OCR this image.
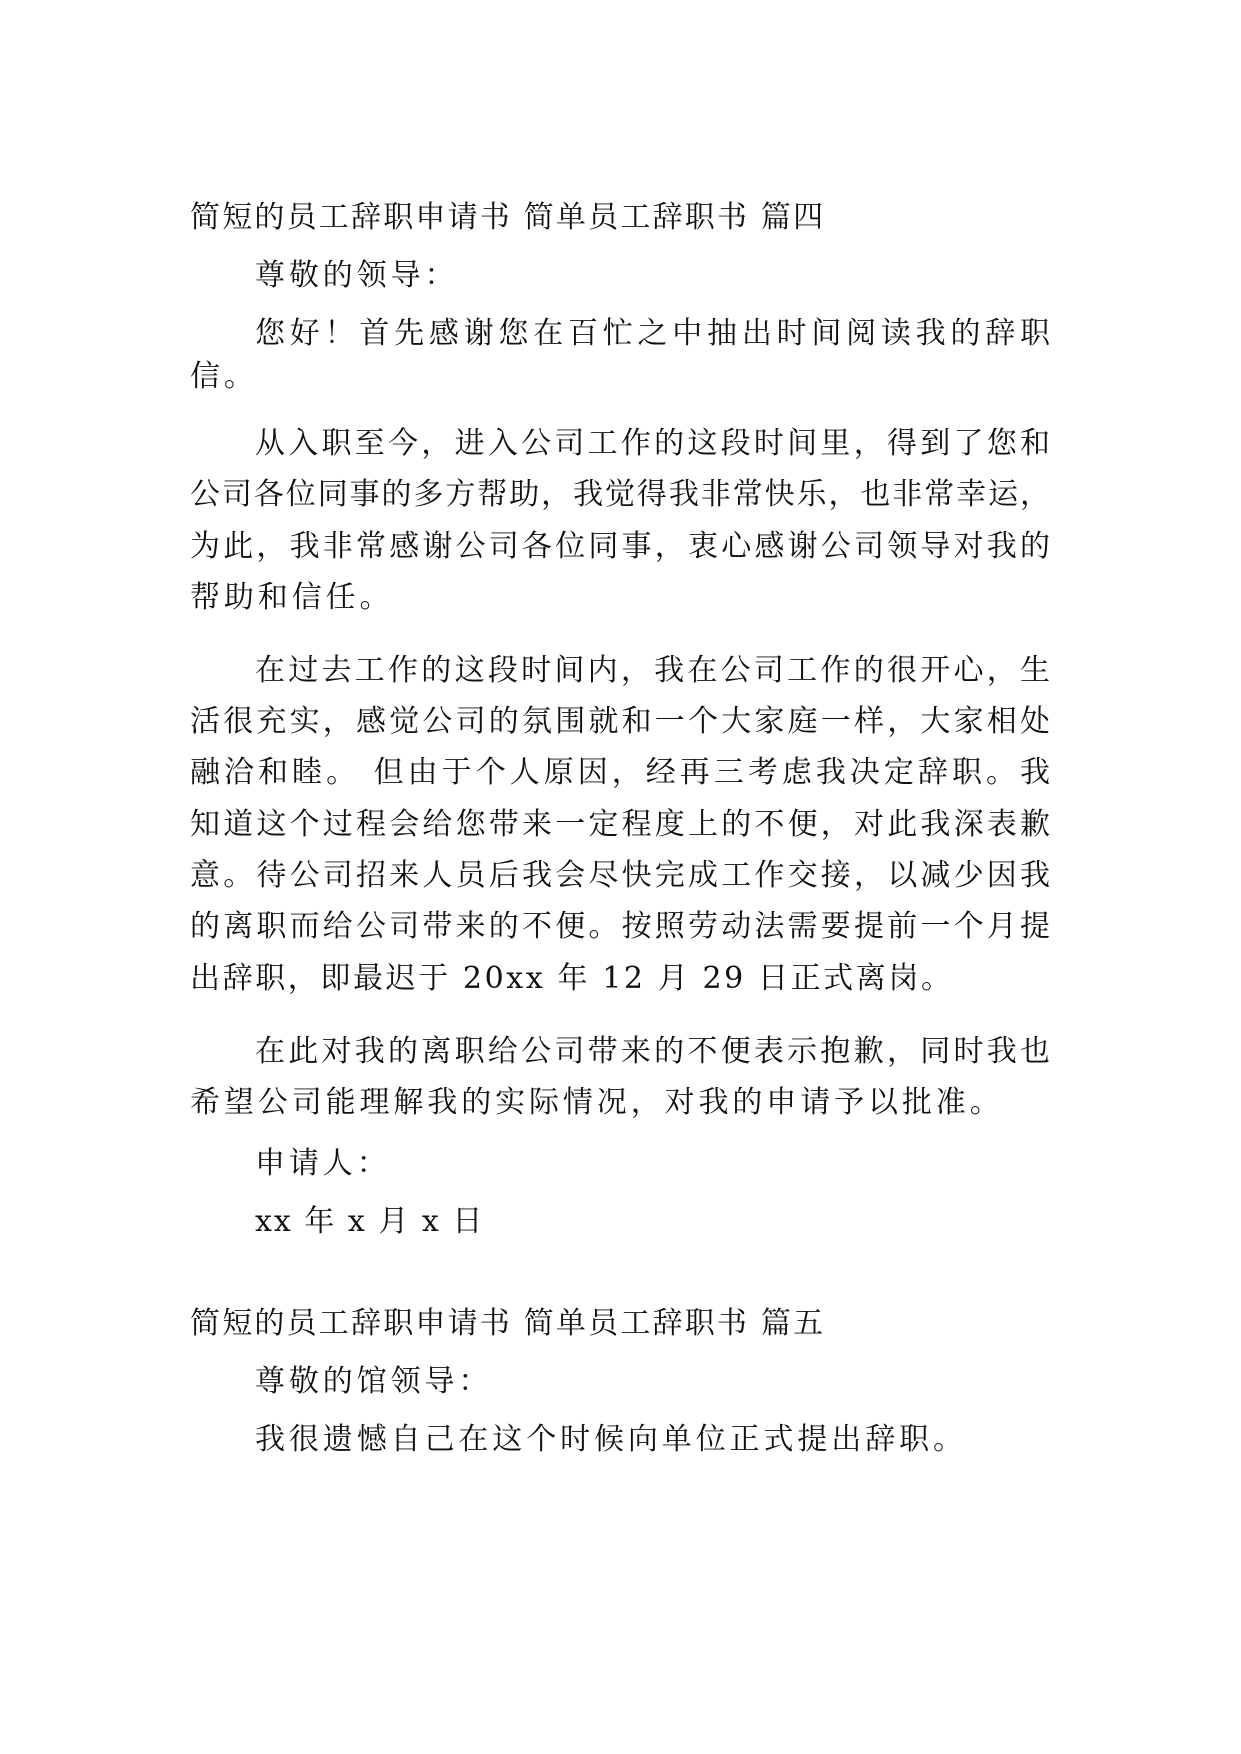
简短的员工辞职申请书 简单员工辞职书 篇四
尊敬的领导：
您好！首先感谢您在百忙之中抽出时间阅读我的辞职
信。
从入职至今，进入公司工作的这段时间里，得到了您和
公司各位同事的多方帮助，我觉得我非常快乐，也非常幸运，
为此，我非常感谢公司各位同事，衷心感谢公司领导对我的
帮助和信任。
在过去工作的这段时间内，我在公司工作的很开心，生
活很充实，感觉公司的氛围就和一个大家庭一样，大家相处
融洽和睦。 但由于个人原因，经再三考虑我决定辞职。我
知道这个过程会给您带来一定程度上的不便，对此我深表歉
意。待公司招来人员后我会尽快完成工作交接，以减少因我
的离职而给公司带来的不便。按照劳动法需要提前一个月提
出辞职，即最迟于 20xx 年 12 月 29 日正式离岗。
在此对我的离职给公司带来的不便表示抱歉，同时我也
希望公司能理解我的实际情况，对我的申请予以批准。
申请人：
xx 年 x 月 x 日
简短的员工辞职申请书 简单员工辞职书 篇五
尊敬的馆领导：
我很遗憾自己在这个时候向单位正式提出辞职。
